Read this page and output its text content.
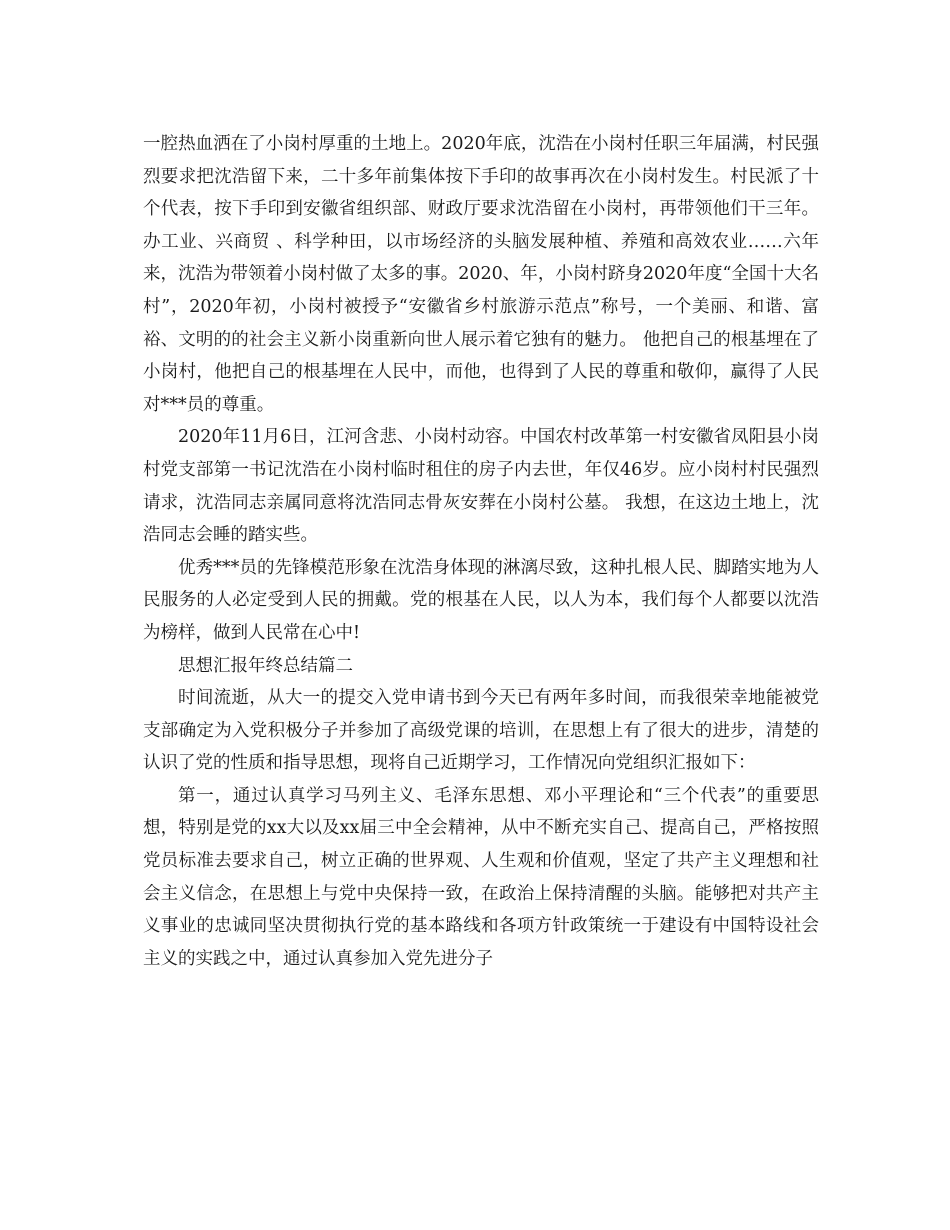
一腔热血洒在了小岗村厚重的土地上。2020年底，沈浩在小岗村任职三年届满，村民强烈要求把沈浩留下来，二十多年前集体按下手印的故事再次在小岗村发生。村民派了十个代表，按下手印到安徽省组织部、财政厅要求沈浩留在小岗村，再带领他们干三年。办工业、兴商贸 、科学种田，以市场经济的头脑发展种植、养殖和高效农业……六年来，沈浩为带领着小岗村做了太多的事。2020、年，小岗村跻身2020年度“全国十大名村”，2020年初，小岗村被授予“安徽省乡村旅游示范点”称号，一个美丽、和谐、富裕、文明的的社会主义新小岗重新向世人展示着它独有的魅力。 他把自己的根基埋在了小岗村，他把自己的根基埋在人民中，而他，也得到了人民的尊重和敬仰，赢得了人民对***员的尊重。

2020年11月6日，江河含悲、小岗村动容。中国农村改革第一村安徽省凤阳县小岗村党支部第一书记沈浩在小岗村临时租住的房子内去世，年仅46岁。应小岗村村民强烈请求，沈浩同志亲属同意将沈浩同志骨灰安葬在小岗村公墓。 我想，在这边土地上，沈浩同志会睡的踏实些。

优秀***员的先锋模范形象在沈浩身体现的淋漓尽致，这种扎根人民、脚踏实地为人民服务的人必定受到人民的拥戴。党的根基在人民，以人为本，我们每个人都要以沈浩为榜样，做到人民常在心中!

思想汇报年终总结篇二

时间流逝，从大一的提交入党申请书到今天已有两年多时间，而我很荣幸地能被党支部确定为入党积极分子并参加了高级党课的培训，在思想上有了很大的进步，清楚的认识了党的性质和指导思想，现将自己近期学习，工作情况向党组织汇报如下：

第一，通过认真学习马列主义、毛泽东思想、邓小平理论和“三个代表”的重要思想，特别是党的xx大以及xx届三中全会精神，从中不断充实自己、提高自己，严格按照党员标准去要求自己，树立正确的世界观、人生观和价值观，坚定了共产主义理想和社会主义信念，在思想上与党中央保持一致，在政治上保持清醒的头脑。能够把对共产主义事业的忠诚同坚决贯彻执行党的基本路线和各项方针政策统一于建设有中国特设社会主义的实践之中，通过认真参加入党先进分子
